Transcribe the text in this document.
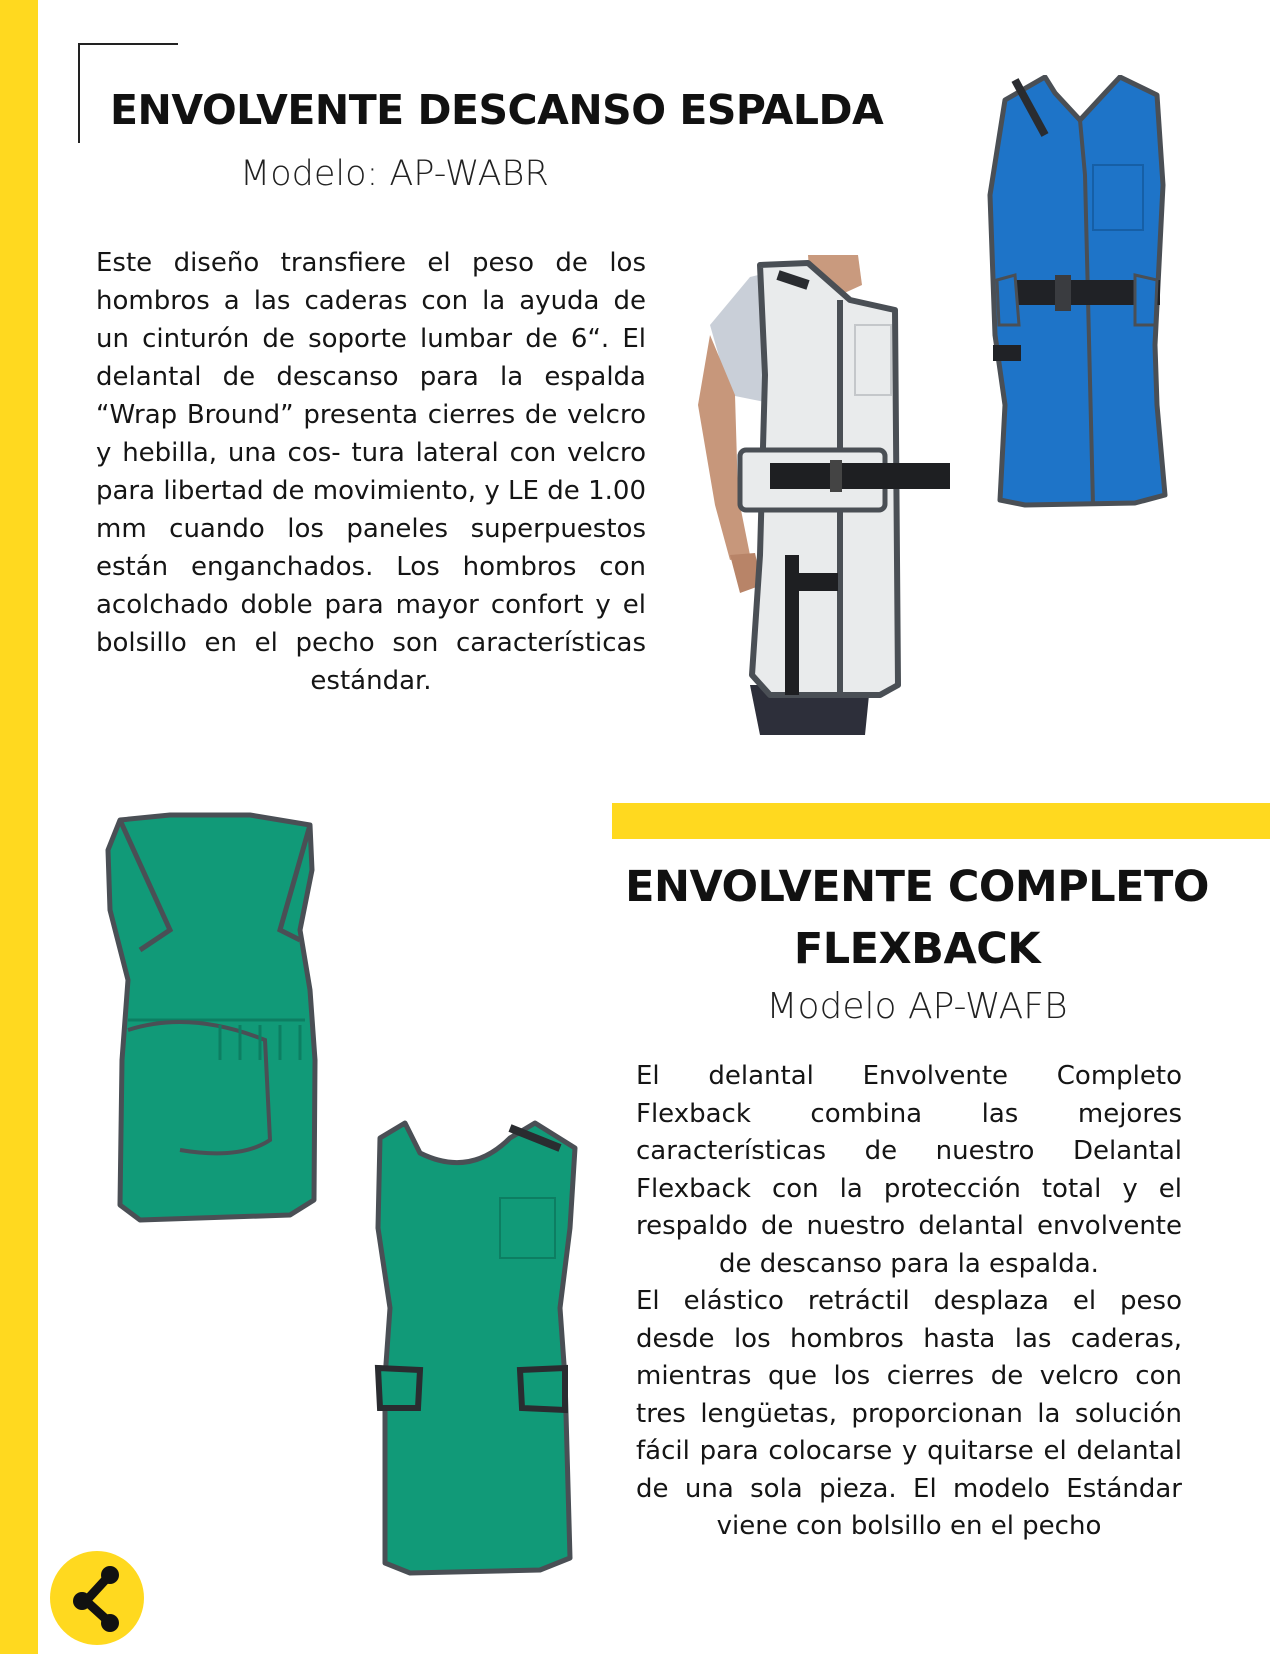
ENVOLVENTE DESCANSO ESPALDA
Modelo: AP-WABR
Este diseño transfiere el peso de los hombros a las caderas con la ayuda de un cinturón de soporte lumbar de 6“. El delantal de descanso para la espalda “Wrap Bround” presenta cierres de velcro y hebilla, una cos- tura lateral con velcro para libertad de movimiento, y LE de 1.00 mm cuando los paneles superpuestos están enganchados. Los hombros con acolchado doble para mayor confort y el bolsillo en el pecho son características estándar.
ENVOLVENTE COMPLETO FLEXBACK
Modelo AP-WAFB

El delantal Envolvente Completo Flexback combina las mejores características de nuestro Delantal Flexback con la protección total y el respaldo de nuestro delantal envolvente de descanso para la espalda.

El elástico retráctil desplaza el peso desde los hombros hasta las caderas, mientras que los cierres de velcro con tres lengüetas, proporcionan la solución fácil para colocarse y quitarse el delantal de una sola pieza. El modelo Estándar viene con bolsillo en el pecho
